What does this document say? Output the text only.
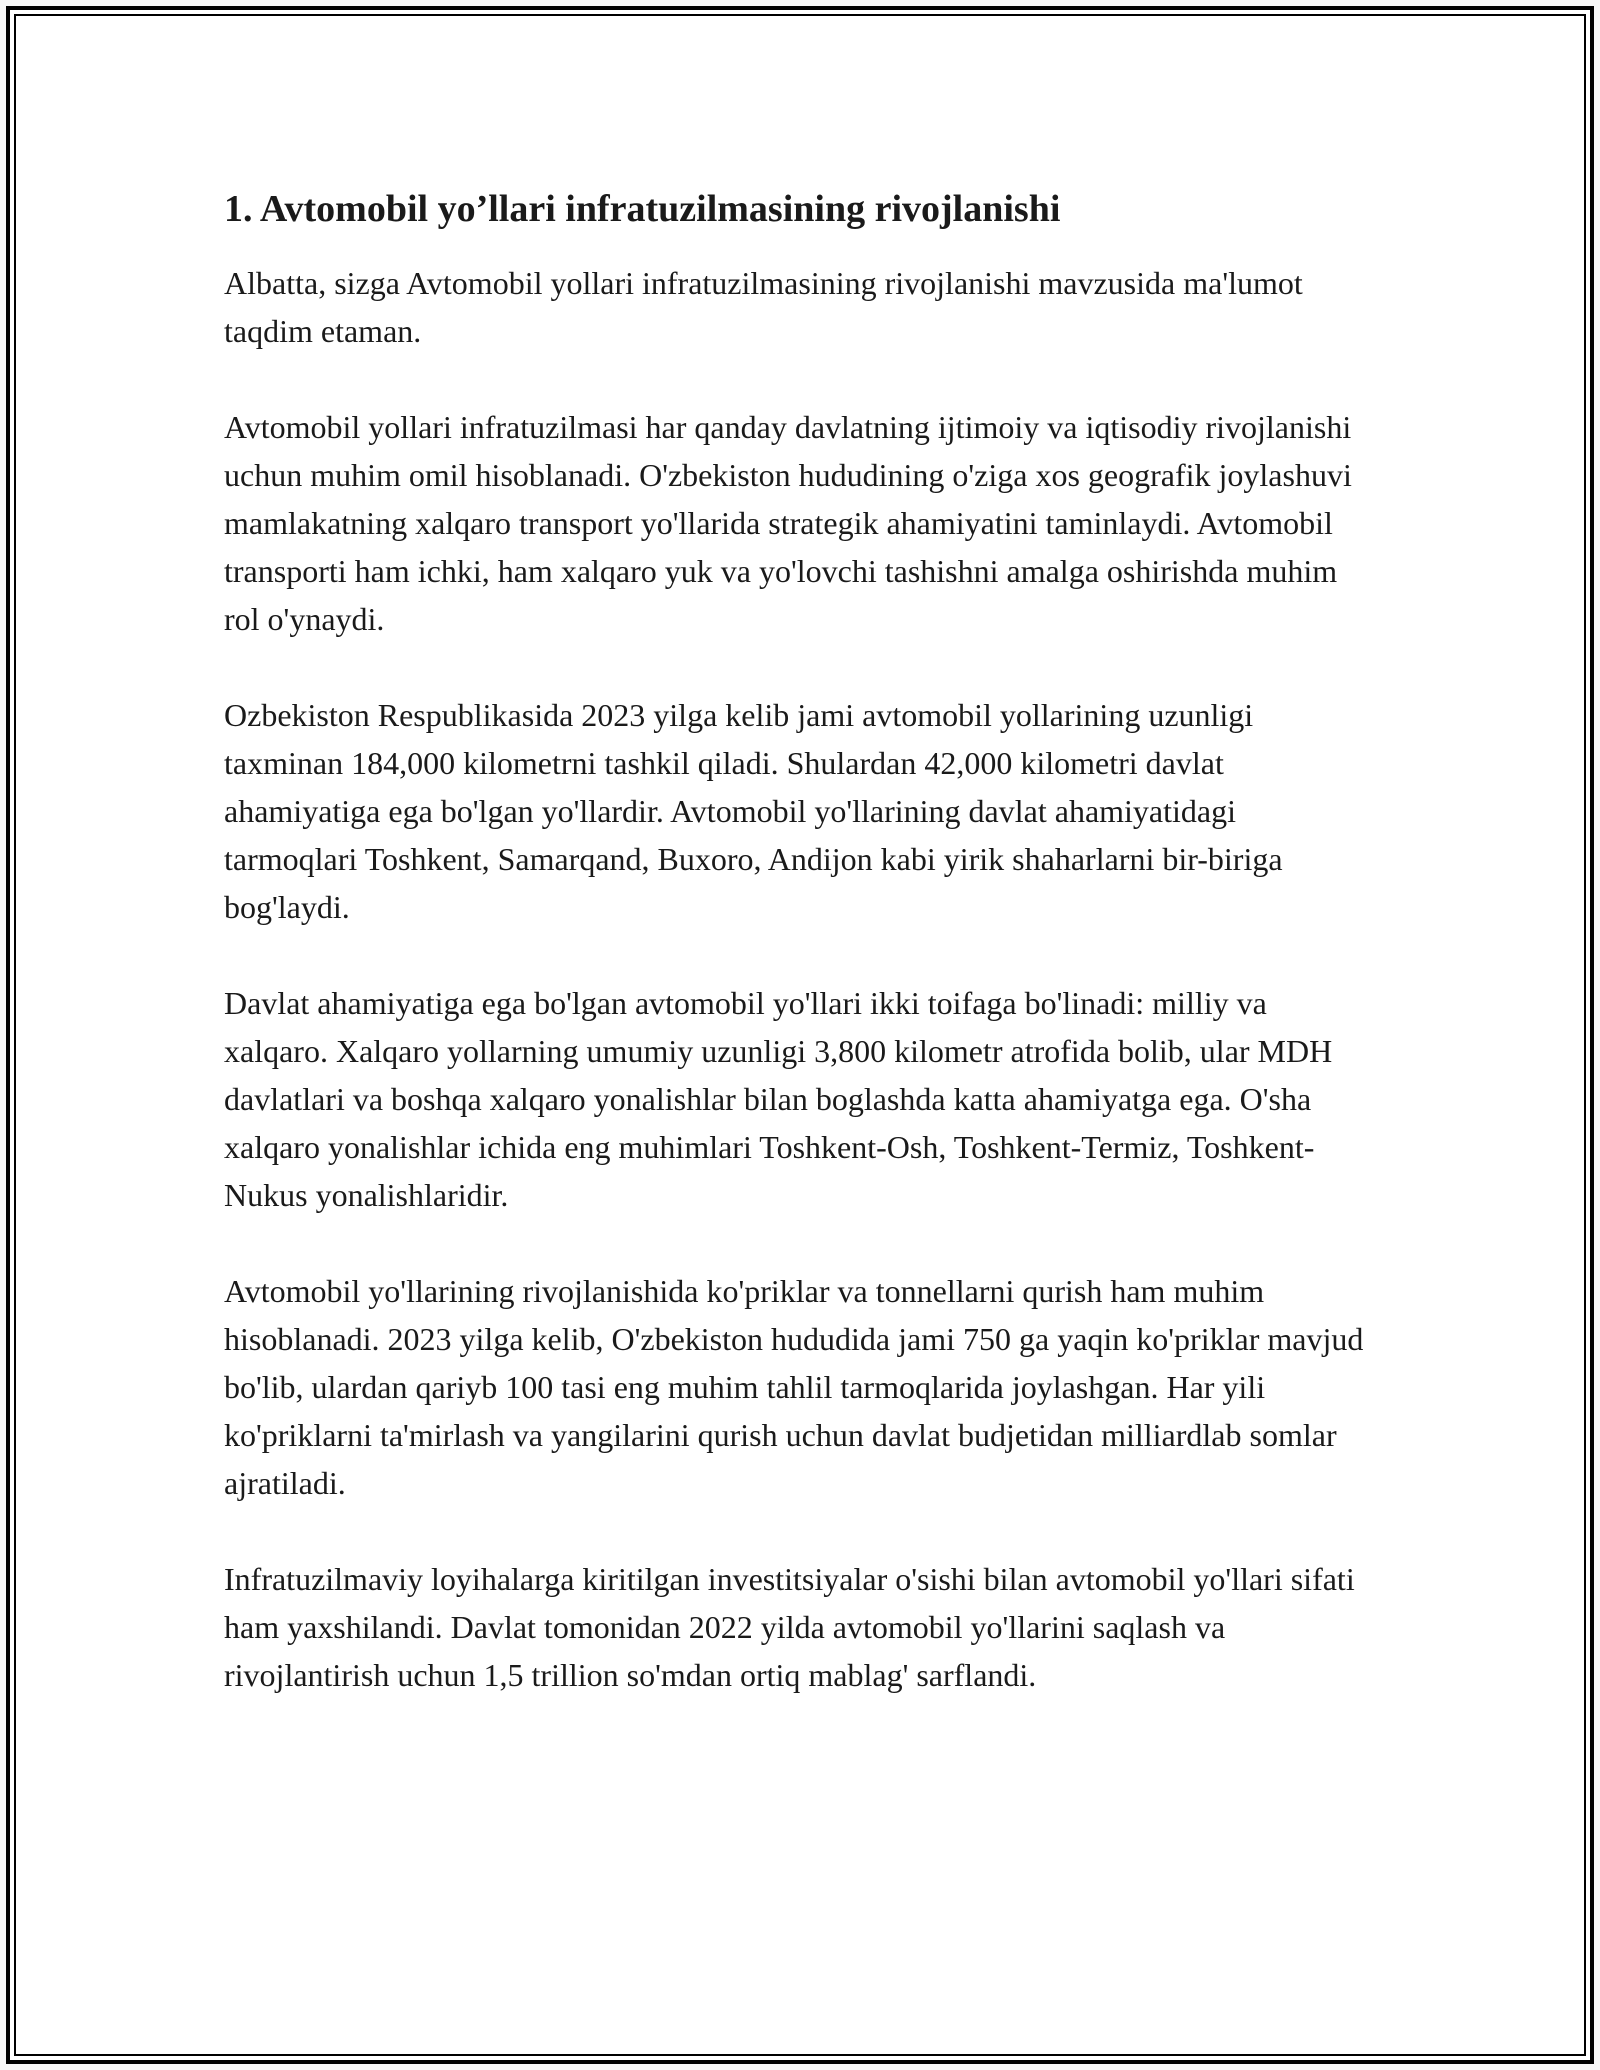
1. Avtomobil yo’llari infratuzilmasining rivojlanishi

Albatta, sizga Avtomobil yollari infratuzilmasining rivojlanishi mavzusida ma'lumot taqdim etaman.

Avtomobil yollari infratuzilmasi har qanday davlatning ijtimoiy va iqtisodiy rivojlanishi uchun muhim omil hisoblanadi. O'zbekiston hududining o'ziga xos geografik joylashuvi mamlakatning xalqaro transport yo'llarida strategik ahamiyatini taminlaydi. Avtomobil transporti ham ichki, ham xalqaro yuk va yo'lovchi tashishni amalga oshirishda muhim rol o'ynaydi.

Ozbekiston Respublikasida 2023 yilga kelib jami avtomobil yollarining uzunligi taxminan 184,000 kilometrni tashkil qiladi. Shulardan 42,000 kilometri davlat ahamiyatiga ega bo'lgan yo'llardir. Avtomobil yo'llarining davlat ahamiyatidagi tarmoqlari Toshkent, Samarqand, Buxoro, Andijon kabi yirik shaharlarni bir-biriga bog'laydi.

Davlat ahamiyatiga ega bo'lgan avtomobil yo'llari ikki toifaga bo'linadi: milliy va xalqaro. Xalqaro yollarning umumiy uzunligi 3,800 kilometr atrofida bolib, ular MDH davlatlari va boshqa xalqaro yonalishlar bilan boglashda katta ahamiyatga ega. O'sha xalqaro yonalishlar ichida eng muhimlari Toshkent-Osh, Toshkent-Termiz, Toshkent-Nukus yonalishlaridir.

Avtomobil yo'llarining rivojlanishida ko'priklar va tonnellarni qurish ham muhim hisoblanadi. 2023 yilga kelib, O'zbekiston hududida jami 750 ga yaqin ko'priklar mavjud bo'lib, ulardan qariyb 100 tasi eng muhim tahlil tarmoqlarida joylashgan. Har yili ko'priklarni ta'mirlash va yangilarini qurish uchun davlat budjetidan milliardlab somlar ajratiladi.

Infratuzilmaviy loyihalarga kiritilgan investitsiyalar o'sishi bilan avtomobil yo'llari sifati ham yaxshilandi. Davlat tomonidan 2022 yilda avtomobil yo'llarini saqlash va rivojlantirish uchun 1,5 trillion so'mdan ortiq mablag' sarflandi.
